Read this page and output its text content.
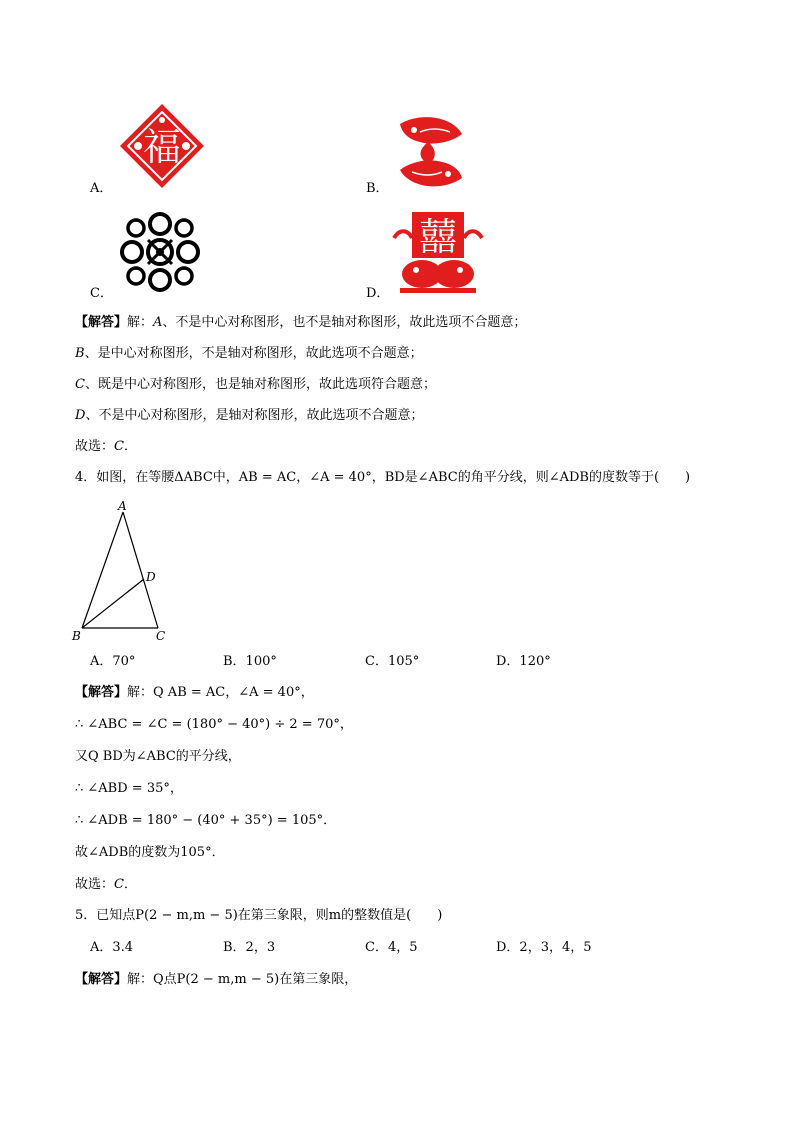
福
A．	B．
C．
囍
D．
【解答】解：A、不是中心对称图形，也不是轴对称图形，故此选项不合题意；
B、是中心对称图形，不是轴对称图形，故此选项不合题意；
C、既是中心对称图形，也是轴对称图形，故此选项符合题意；
D、不是中心对称图形，是轴对称图形，故此选项不合题意；
故选：C．
4．如图，在等腰ΔABC中，AB = AC，∠A = 40°，BD是∠ABC的角平分线，则∠ADB的度数等于(　　)
A
B	C
D
A．70°	B．100°	C．105°	D．120°
【解答】解：Q AB = AC，∠A = 40°，
∴ ∠ABC = ∠C = (180° − 40°) ÷ 2 = 70°，
又Q BD为∠ABC的平分线，
∴ ∠ABD = 35°，
∴ ∠ADB = 180° − (40° + 35°) = 105°．
故∠ADB的度数为105°．
故选：C．
5．已知点P(2 − m,m − 5)在第三象限，则m的整数值是(　　)
A．3.4	B．2，3	C．4，5	D．2，3，4，5
【解答】解：Q点P(2 − m,m − 5)在第三象限，
